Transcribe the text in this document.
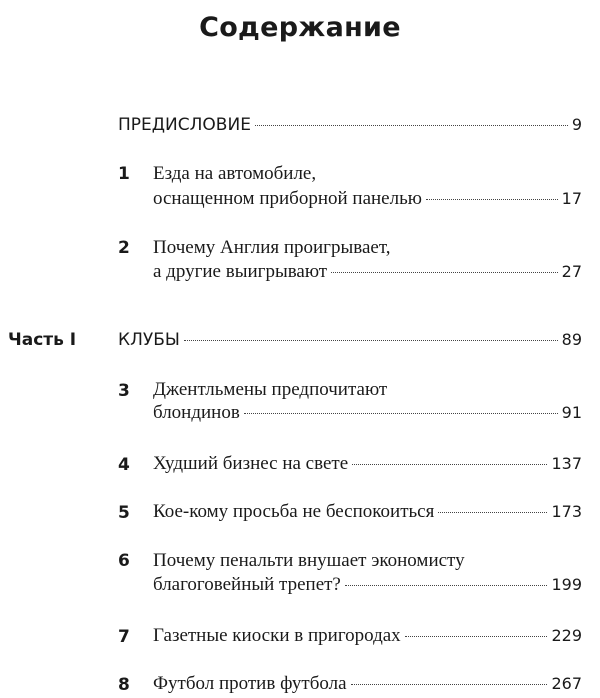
Содержание
ПРЕДИСЛОВИЕ	9
1 Езда на автомобиле,
оснащенном приборной панелью	17
2 Почему Англия проигрывает,
а другие выигрывают	27
Часть I КЛУБЫ	89
3 Джентльмены предпочитают
блондинов	91
4 Худший бизнес на свете	137
5 Кое-кому просьба не беспокоиться	173
6 Почему пенальти внушает экономисту
благоговейный трепет?	199
7 Газетные киоски в пригородах	229
8 Футбол против футбола	267
